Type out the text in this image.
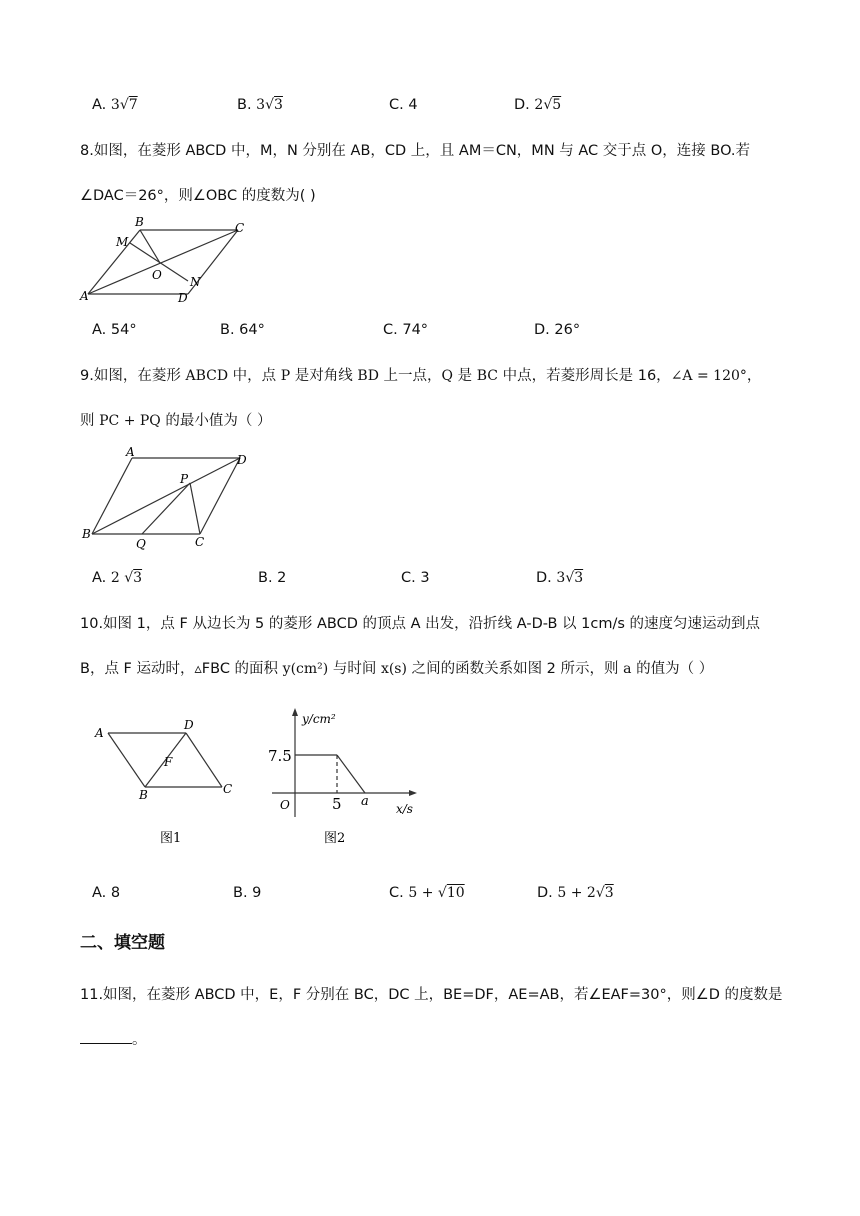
A. 3√7	B. 3√3	C. 4	D. 2√5
8.如图，在菱形 ABCD 中，M，N 分别在 AB，CD 上，且 AM＝CN，MN 与 AC 交于点 O，连接 BO.若
∠DAC＝26°，则∠OBC 的度数为( )
B	C
M
O N
A	D
A. 54°	B. 64°	C. 74°	D. 26°
9.如图，在菱形 ABCD 中，点 P 是对角线 BD 上一点，Q 是 BC 中点，若菱形周长是 16，∠A = 120°，
则 PC + PQ 的最小值为（ ）
A
D
P
B
Q	C
A. 2 √3	B. 2	C. 3	D. 3√3
10.如图 1，点 F 从边长为 5 的菱形 ABCD 的顶点 A 出发，沿折线 A-D-B 以 1cm/s 的速度匀速运动到点
B，点 F 运动时，▵FBC 的面积 y(cm²) 与时间 x(s) 之间的函数关系如图 2 所示，则 a 的值为（ ）
A
D
F
B	C
图1
y/cm²
7.5
O	5 a x/s
图2
A. 8	B. 9	C. 5 + √10	D. 5 + 2√3
二、填空题
11.如图，在菱形 ABCD 中，E，F 分别在 BC，DC 上，BE=DF，AE=AB，若∠EAF=30°，则∠D 的度数是
。
